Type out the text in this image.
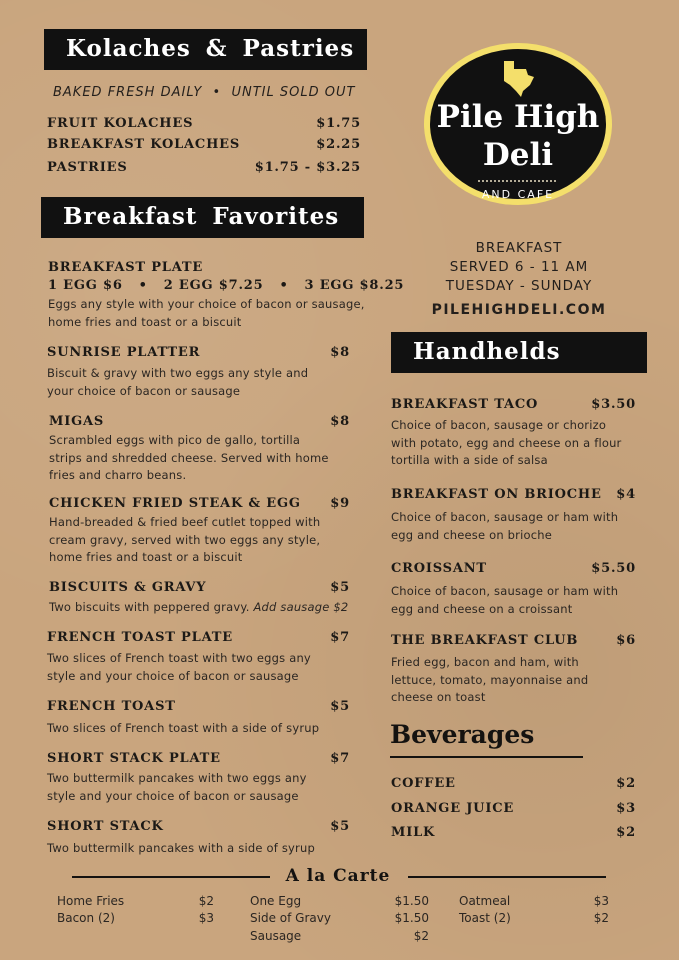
Kolaches & Pastries
BAKED FRESH DAILY  •  UNTIL SOLD OUT
FRUIT KOLACHES	$1.75
BREAKFAST KOLACHES	$2.25
PASTRIES	$1.75 - $3.25
Breakfast Favorites
BREAKFAST PLATE
1 EGG $6   •   2 EGG $7.25   •   3 EGG $8.25
Eggs any style with your choice of bacon or sausage, home fries and toast or a biscuit
SUNRISE PLATTER	$8
Biscuit & gravy with two eggs any style and your choice of bacon or sausage
MIGAS	$8
Scrambled eggs with pico de gallo, tortilla strips and shredded cheese. Served with home fries and charro beans.
CHICKEN FRIED STEAK & EGG $9
Hand-breaded & fried beef cutlet topped with cream gravy, served with two eggs any style, home fries and toast or a biscuit
BISCUITS & GRAVY	$5
Two biscuits with peppered gravy. Add sausage $2
FRENCH TOAST PLATE	$7
Two slices of French toast with two eggs any style and your choice of bacon or sausage
FRENCH TOAST	$5
Two slices of French toast with a side of syrup
SHORT STACK PLATE	$7
Two buttermilk pancakes with two eggs any style and your choice of bacon or sausage
SHORT STACK	$5
Two buttermilk pancakes with a side of syrup
Pile High
Deli
AND CAFE
BREAKFAST
SERVED 6 - 11 AM
TUESDAY - SUNDAY
PILEHIGHDELI.COM
Handhelds
BREAKFAST TACO	$3.50
Choice of bacon, sausage or chorizo with potato, egg and cheese on a flour tortilla with a side of salsa
BREAKFAST ON BRIOCHE $4
Choice of bacon, sausage or ham with egg and cheese on brioche
CROISSANT	$5.50
Choice of bacon, sausage or ham with egg and cheese on a croissant
THE BREAKFAST CLUB	$6
Fried egg, bacon and ham, with lettuce, tomato, mayonnaise and cheese on toast
Beverages
COFFEE	$2
ORANGE JUICE	$3
MILK	$2
A la Carte
Home Fries	$2
Bacon (2)	$3
One Egg	$1.50
Side of Gravy	$1.50
Sausage	$2
Oatmeal	$3
Toast (2)	$2
